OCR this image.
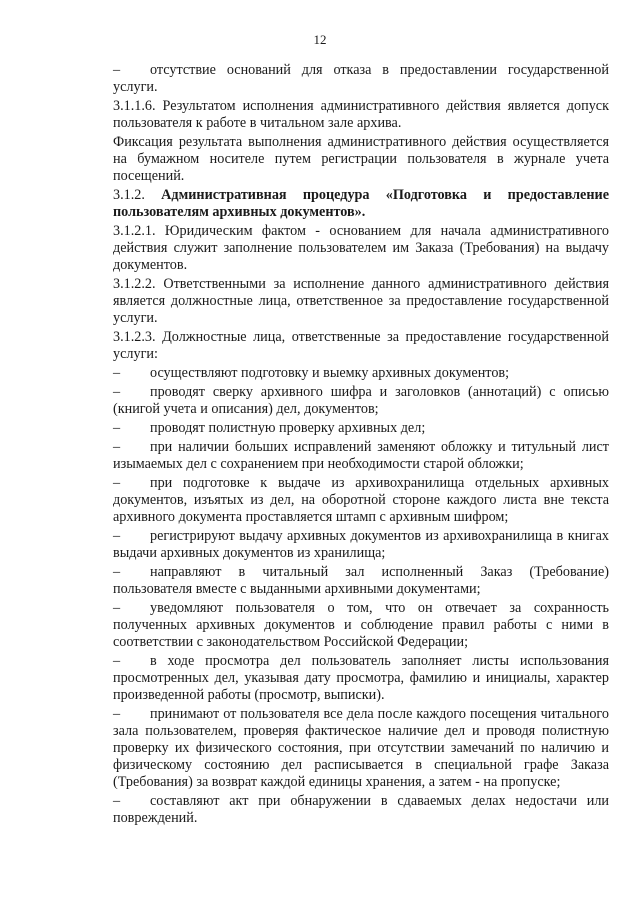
12

– отсутствие оснований для отказа в предоставлении государственной услуги.

3.1.1.6. Результатом исполнения административного действия является допуск пользователя к работе в читальном зале архива.

Фиксация результата выполнения административного действия осуществляется на бумажном носителе путем регистрации пользователя в журнале учета посещений.

3.1.2. Административная процедура «Подготовка и предоставление пользователям архивных документов».

3.1.2.1. Юридическим фактом - основанием для начала административного действия служит заполнение пользователем им Заказа (Требования) на выдачу документов.

3.1.2.2. Ответственными за исполнение данного административного действия является должностные лица, ответственное за предоставление государственной услуги.

3.1.2.3. Должностные лица, ответственные за предоставление государственной услуги:

– осуществляют подготовку и выемку архивных документов;

– проводят сверку архивного шифра и заголовков (аннотаций) с описью (книгой учета и описания) дел, документов;

– проводят полистную проверку архивных дел;

– при наличии больших исправлений заменяют обложку и титульный лист изымаемых дел с сохранением при необходимости старой обложки;

– при подготовке к выдаче из архивохранилища отдельных архивных документов, изъятых из дел, на оборотной стороне каждого листа вне текста архивного документа проставляется штамп с архивным шифром;

– регистрируют выдачу архивных документов из архивохранилища в книгах выдачи архивных документов из хранилища;

– направляют в читальный зал исполненный Заказ (Требование) пользователя вместе с выданными архивными документами;

– уведомляют пользователя о том, что он отвечает за сохранность полученных архивных документов и соблюдение правил работы с ними в соответствии с законодательством Российской Федерации;

– в ходе просмотра дел пользователь заполняет листы использования просмотренных дел, указывая дату просмотра, фамилию и инициалы, характер произведенной работы (просмотр, выписки).

– принимают от пользователя все дела после каждого посещения читального зала пользователем, проверяя фактическое наличие дел и проводя полистную проверку их физического состояния, при отсутствии замечаний по наличию и физическому состоянию дел расписывается в специальной графе Заказа (Требования) за возврат каждой единицы хранения, а затем - на пропуске;

– составляют акт при обнаружении в сдаваемых делах недостачи или повреждений.
